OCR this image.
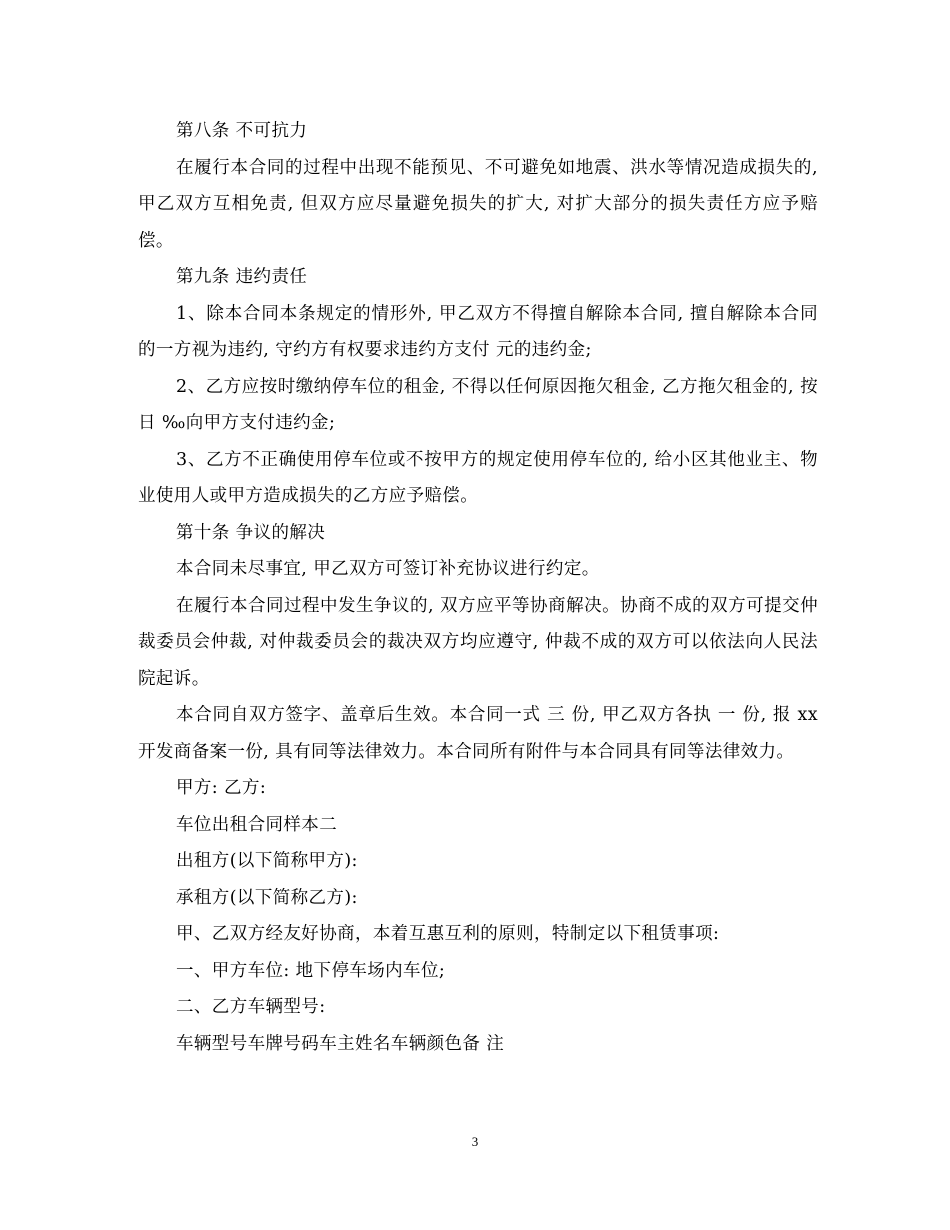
第八条 不可抗力

在履行本合同的过程中出现不能预见、不可避免如地震、洪水等情况造成损失的, 甲乙双方互相免责, 但双方应尽量避免损失的扩大, 对扩大部分的损失责任方应予赔偿。

第九条 违约责任

1、除本合同本条规定的情形外, 甲乙双方不得擅自解除本合同, 擅自解除本合同的一方视为违约, 守约方有权要求违约方支付 元的违约金;

2、乙方应按时缴纳停车位的租金, 不得以任何原因拖欠租金, 乙方拖欠租金的, 按日 ‰向甲方支付违约金;

3、乙方不正确使用停车位或不按甲方的规定使用停车位的, 给小区其他业主、物业使用人或甲方造成损失的乙方应予赔偿。

第十条 争议的解决

本合同未尽事宜, 甲乙双方可签订补充协议进行约定。

在履行本合同过程中发生争议的, 双方应平等协商解决。协商不成的双方可提交仲裁委员会仲裁, 对仲裁委员会的裁决双方均应遵守, 仲裁不成的双方可以依法向人民法院起诉。

本合同自双方签字、盖章后生效。本合同一式 三 份, 甲乙双方各执 一 份, 报 xx 开发商备案一份, 具有同等法律效力。本合同所有附件与本合同具有同等法律效力。

甲方: 乙方:

车位出租合同样本二

出租方(以下简称甲方):

承租方(以下简称乙方):

甲、乙双方经友好协商，本着互惠互利的原则，特制定以下租赁事项:

一、甲方车位: 地下停车场内车位;

二、乙方车辆型号:

车辆型号车牌号码车主姓名车辆颜色备 注

3
